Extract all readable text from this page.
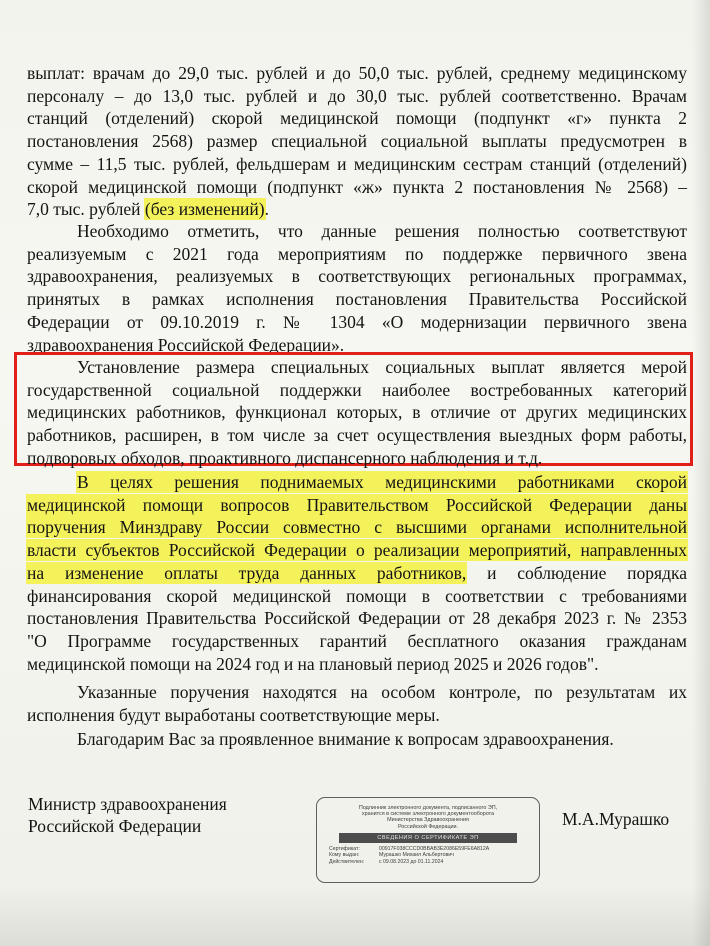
выплат: врачам до 29,0 тыс. рублей и до 50,0 тыс. рублей, среднему медицинскому
персоналу – до 13,0 тыс. рублей и до 30,0 тыс. рублей соответственно. Врачам
станций (отделений) скорой медицинской помощи (подпункт «г» пункта 2
постановления 2568) размер специальной социальной выплаты предусмотрен в
сумме – 11,5 тыс. рублей, фельдшерам и медицинским сестрам станций (отделений)
скорой медицинской помощи (подпункт «ж» пункта 2 постановления № 2568) –
7,0 тыс. рублей (без изменений).
Необходимо отметить, что данные решения полностью соответствуют
реализуемым с 2021 года мероприятиям по поддержке первичного звена
здравоохранения, реализуемых в соответствующих региональных программах,
принятых в рамках исполнения постановления Правительства Российской
Федерации от 09.10.2019 г. № 1304 «О модернизации первичного звена
здравоохранения Российской Федерации».
Установление размера специальных социальных выплат является мерой
государственной социальной поддержки наиболее востребованных категорий
медицинских работников, функционал которых, в отличие от других медицинских
работников, расширен, в том числе за счет осуществления выездных форм работы,
подворовых обходов, проактивного диспансерного наблюдения и т.д.
В целях решения поднимаемых медицинскими работниками скорой
медицинской помощи вопросов Правительством Российской Федерации даны
поручения Минздраву России совместно с высшими органами исполнительной
власти субъектов Российской Федерации о реализации мероприятий, направленных
на изменение оплаты труда данных работников, и соблюдение порядка
финансирования скорой медицинской помощи в соответствии с требованиями
постановления Правительства Российской Федерации от 28 декабря 2023 г. № 2353
"О Программе государственных гарантий бесплатного оказания гражданам
медицинской помощи на 2024 год и на плановый период 2025 и 2026 годов".
Указанные поручения находятся на особом контроле, по результатам их
исполнения будут выработаны соответствующие меры.
Благодарим Вас за проявленное внимание к вопросам здравоохранения.
Министр здравоохранения
Российской Федерации
Подлинник электронного документа, подписанного ЭП,
хранится в системе электронного документооборота
Министерства Здравоохранения
Российской Федерации.
СВЕДЕНИЯ О СЕРТИФИКАТЕ ЭП
Сертификат:	00917F038CCCD0BBAB3E2086E59FE6A812A
Кому выдан:	Мурашко Михаил Альбертович
Действителен:	с 09.08.2023 до 01.11.2024
М.А.Мурашко
